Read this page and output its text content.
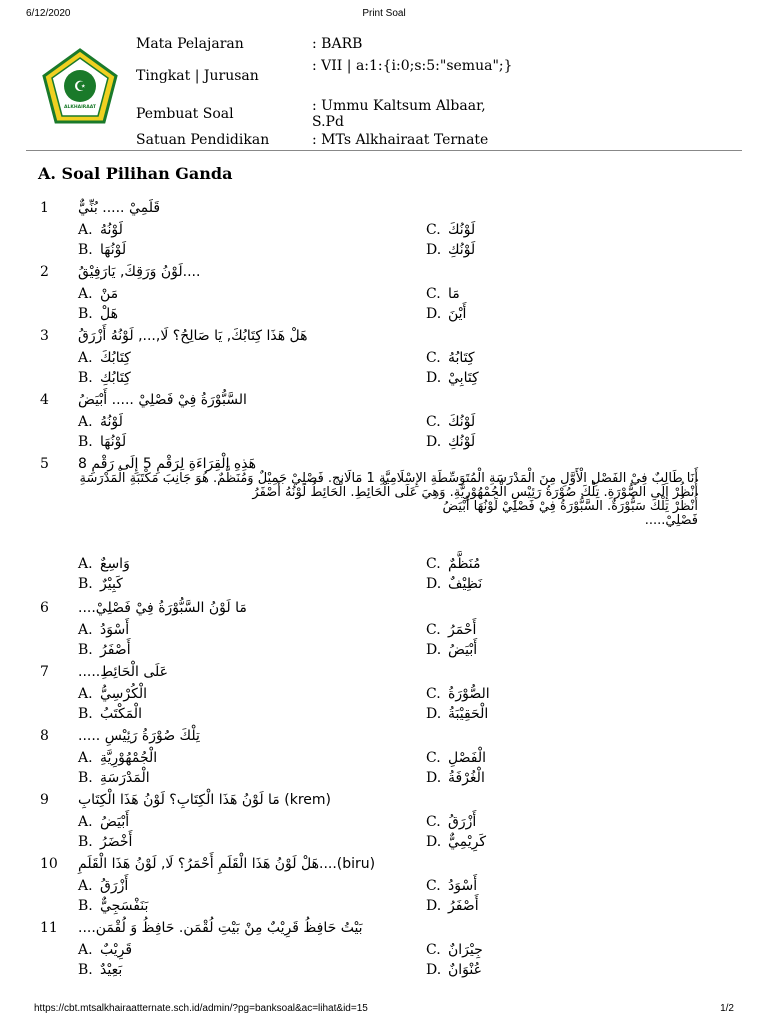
6/12/2020	Print Soal
☪
ALKHAIRAAT
Mata Pelajaran	: BARB
Tingkat | Jurusan
: VII | a:1:{i:0;s:5:"semua";}
Pembuat Soal	: Ummu Kaltsum Albaar, S.Pd
Satuan Pendidikan	: MTs Alkhairaat Ternate
A. Soal Pilihan Ganda
1 قَلَمِيْ ..... بُنِّيٌّ
A. لَوْنُهُ
B. لَوْنُهَا
C. لَوْنُكَ
D. لَوْنُكِ
2 ....لَوْنُ وَرَقِكَ, يَارَفِيْقُ
A. مَنْ
B. هَلْ
C. مَا
D. أَيْنَ
3 هَلْ هَذَا كِتَابُكَ, يَا صَالِحُ؟ لَا,..., لَوْنُهُ أَزْرَقُ
A. كِتَابُكَ
B. كِتَابُكِ
C. كِتَابُهُ
D. كِتَابِيْ
4 السَّبُّوْرَةُ فِيْ فَصْلِيْ ..... أَبْيَضُ
A. لَوْنُهُ
B. لَوْنُهَا
C. لَوْنُكَ
D. لَوْنُكِ
5 هَذِهِ الْقِرَاءَةِ لِرَقْمِ 5 إِلَى رَقْمِ 8
أَنَا طَالِبٌ فِيْ الفَصْلِ الْأَوَّلِ مِنَ الْمَدْرَسَةِ الْمُتَوَسِّطَةِ الإِسْلَامِيَّةِ 1 مَالَانج. فَصْلِيْ جَمِيْلٌ وَمُنَظَّمٌ. هُوَ جَانِبَ مَكْتَبَةِ الْمَدْرَسَةِ
أُنْظُرْ إِلَى الصُّوْرَةِ. تِلْكَ صُوْرَةُ رَئِيْسِ الْجُمْهُوْرِيَّةِ. وَهِيَ عَلَى الْحَائِطِ. الْحَائِطُ لَوْنُهُ أَصْفَرُ
أُنْظُرْ تِلْكَ سَبُّوْرَةٌ. السَّبُّوْرَةُ فِيْ فَصْلِيْ لَوْنُهَا أَبْيَضُ
فَصْلِيْ.....
A. وَاسِعٌ
B. كَبِيْرٌ
C. مُنَظَّمٌ
D. نَظِيْفٌ
6 مَا لَوْنُ السَّبُّوْرَةُ فِيْ فَصْلِيْ....
A. أَسْوَدُ
B. أَصْفَرُ
C. أَحْمَرُ
D. أَبْيَضُ
7 عَلَى الْحَائِطِ.....
A. الْكُرْسِيُّ
B. الْمَكْتَبُ
C. الصُّوْرَةُ
D. الْحَقِيْبَةُ
8 تِلْكَ صُوْرَةُ رَئِيْسِ .....
A. الْجُمْهُوْرِيَّةِ
B. الْمَدْرَسَةِ
C. الْفَصْلِ
D. الْغُرْفَةُ
9 (krem) مَا لَوْنُ هَذَا الْكِتَابِ؟ لَوْنُ هَذَا الْكِتَابِ
A. أَبْيَضُ
B. أَخْضَرُ
C. أَزْرَقُ
D. كَرِيْمِيٌّ
10 (biru)....هَلْ لَوْنُ هَذَا الْقَلَمِ أَحْمَرُ؟ لَا, لَوْنُ هَذَا الْقَلَمِ
A. أَزْرَقُ
B. بَنَفْسَجِيٌّ
C. أَسْوَدُ
D. أَصْفَرُ
11 بَيْتُ حَافِظُ قَرِيْبٌ مِنْ بَيْتِ لُقْمَن. حَافِظُ وَ لُقْمَن....
A. قَرِيْبٌ
B. بَعِيْدٌ
C. جِيْرَانٌ
D. عُنْوَانٌ
https://cbt.mtsalkhairaatternate.sch.id/admin/?pg=banksoal&ac=lihat&id=15	1/2
